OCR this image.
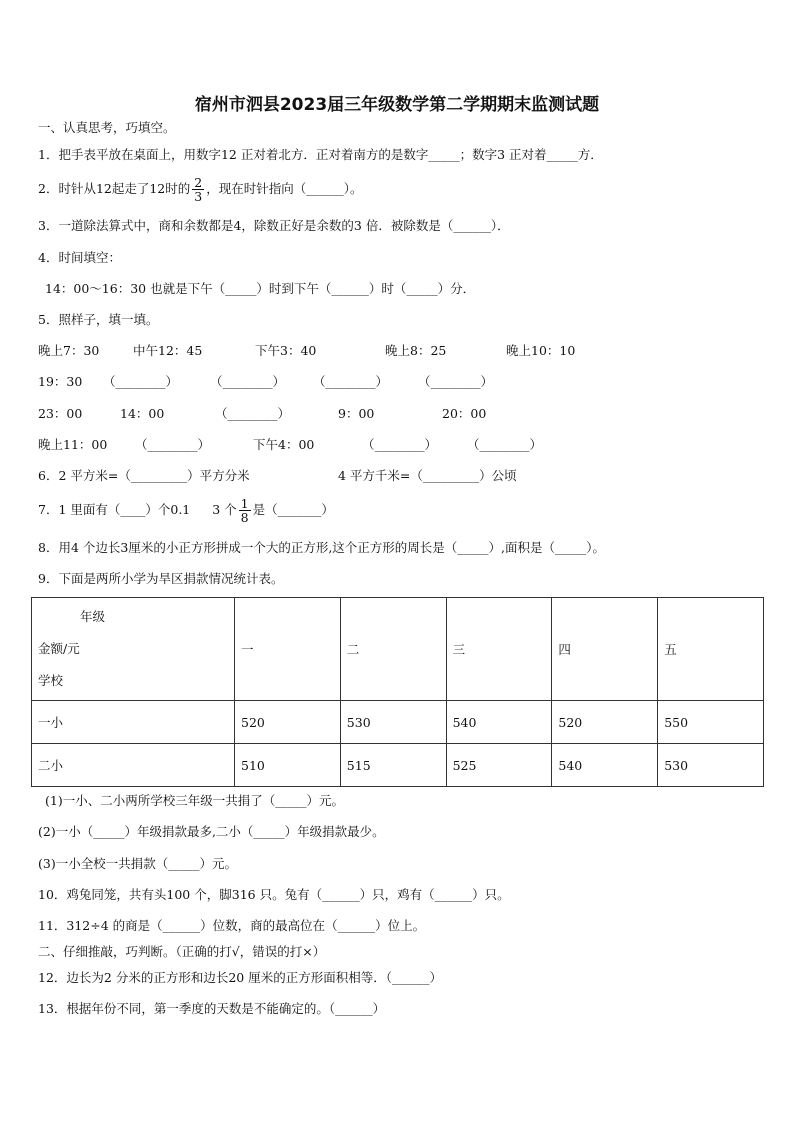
宿州市泗县2023届三年级数学第二学期期末监测试题
一、认真思考，巧填空。
1．把手表平放在桌面上，用数字12 正对着北方．正对着南方的是数字_____；数字3 正对着_____方．
2．时针从12起走了12时的 $\frac{2}{3}$ ，现在时针指向（______）。
3．一道除法算式中，商和余数都是4，除数正好是余数的3 倍．被除数是（______）．
4．时间填空：
14：00～16：30 也就是下午（_____）时到下午（______）时（_____）分．
5．照样子，填一填。
晚上7：30	中午12：45	下午3：40	晚上8：25	晚上10：10
19：30 （________）	（________） （________） （________）
23：00	14：00	（________）	9：00	20：00
晚上11：00 （________）	下午4：00	（________） （________）
6．2 平方米=（_________）平方分米	4 平方千米=（_________）公顷
7．1 里面有（____）个0.1 3 个 $\frac{1}{8}$ 是（_______）
8．用4 个边长3厘米的小正方形拼成一个大的正方形,这个正方形的周长是（_____）,面积是（_____）。
9．下面是两所小学为旱区捐款情况统计表。
年级
金额/元
学校	一	二	三	四	五
一小	520	530	540	520	550
二小	510	515	525	540	530
(1)一小、二小两所学校三年级一共捐了（_____）元。
(2)一小（_____）年级捐款最多,二小（_____）年级捐款最少。
(3)一小全校一共捐款（_____）元。
10．鸡兔同笼，共有头100 个，脚316 只。兔有（______）只，鸡有（______）只。
11．312÷4 的商是（______）位数，商的最高位在（______）位上。
二、仔细推敲，巧判断。（正确的打√，错误的打×）
12．边长为2 分米的正方形和边长20 厘米的正方形面积相等．（______）
13．根据年份不同，第一季度的天数是不能确定的。（______）
